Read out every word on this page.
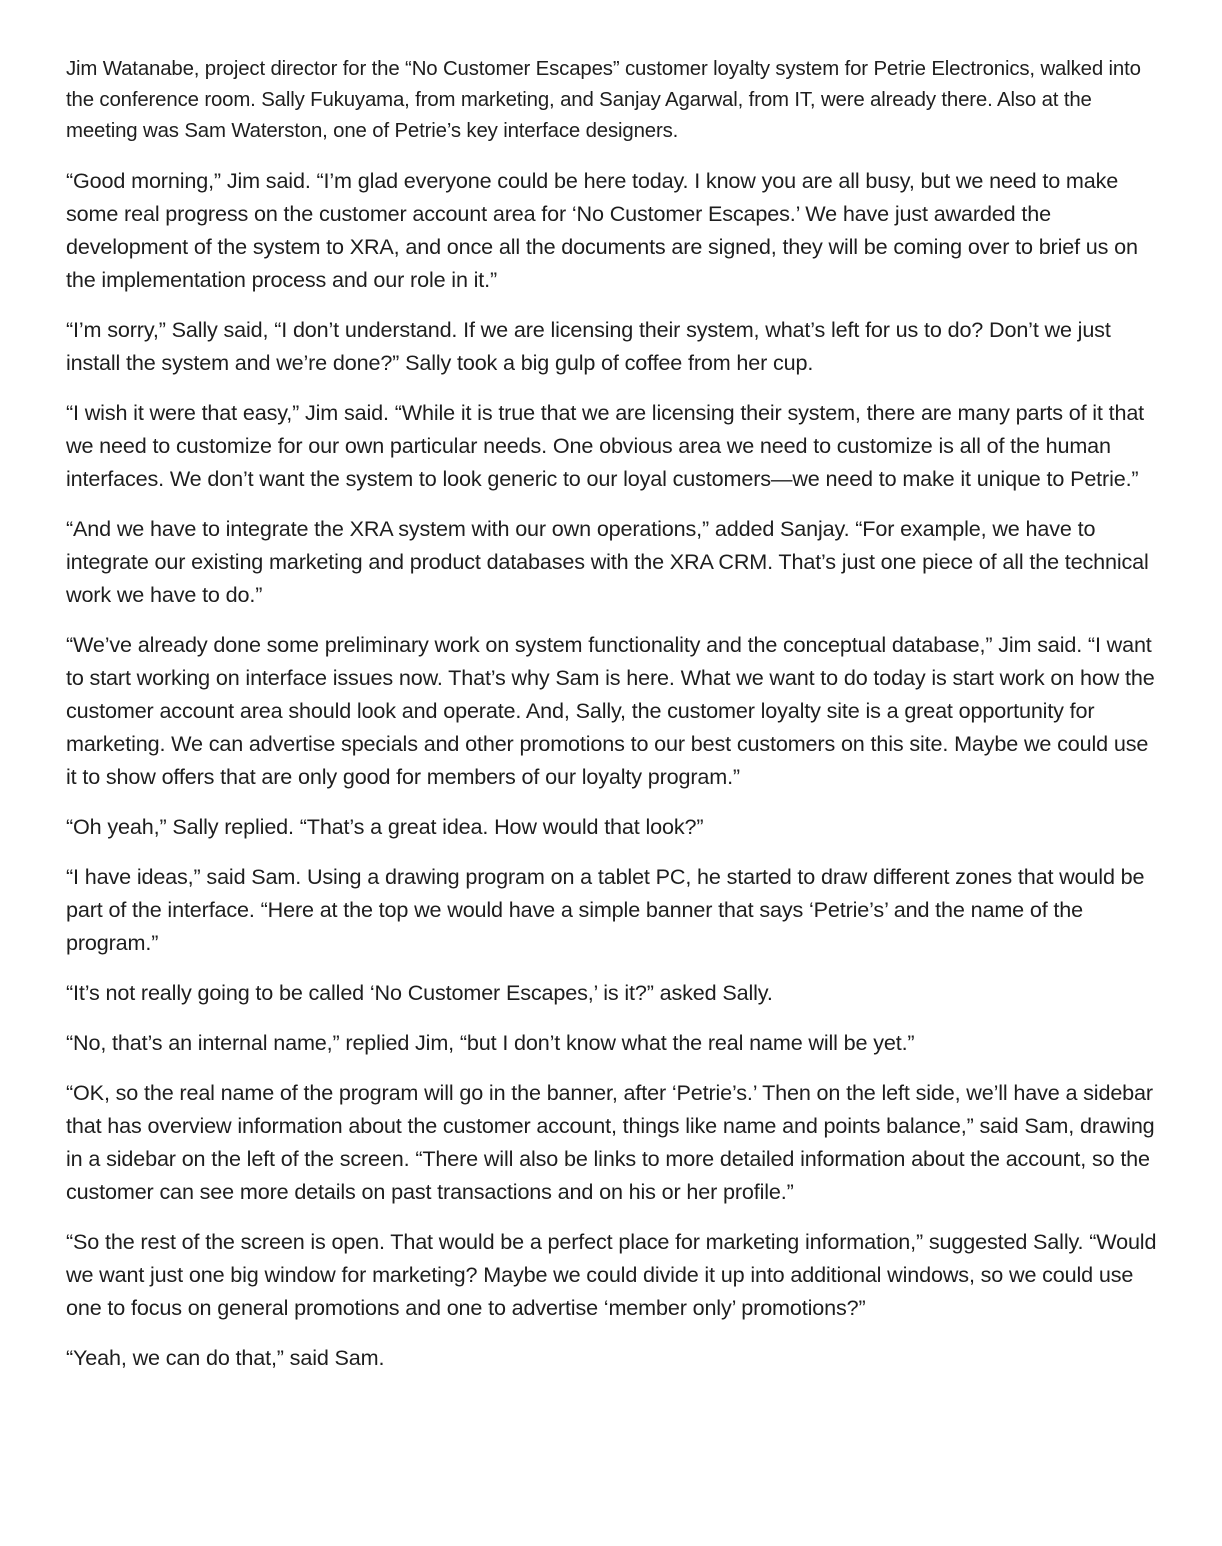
Jim Watanabe, project director for the “No Customer Escapes” customer loyalty system for Petrie Electronics, walked into the conference room. Sally Fukuyama, from marketing, and Sanjay Agarwal, from IT, were already there. Also at the meeting was Sam Waterston, one of Petrie’s key interface designers.

“Good morning,” Jim said. “I’m glad everyone could be here today. I know you are all busy, but we need to make some real progress on the customer account area for ‘No Customer Escapes.’ We have just awarded the development of the system to XRA, and once all the documents are signed, they will be coming over to brief us on the implementation process and our role in it.”

“I’m sorry,” Sally said, “I don’t understand. If we are licensing their system, what’s left for us to do? Don’t we just install the system and we’re done?” Sally took a big gulp of coffee from her cup.

“I wish it were that easy,” Jim said. “While it is true that we are licensing their system, there are many parts of it that we need to customize for our own particular needs. One obvious area we need to customize is all of the human interfaces. We don’t want the system to look generic to our loyal customers—we need to make it unique to Petrie.”

“And we have to integrate the XRA system with our own operations,” added Sanjay. “For example, we have to integrate our existing marketing and product databases with the XRA CRM. That’s just one piece of all the technical work we have to do.”

“We’ve already done some preliminary work on system functionality and the conceptual database,” Jim said. “I want to start working on interface issues now. That’s why Sam is here. What we want to do today is start work on how the customer account area should look and operate. And, Sally, the customer loyalty site is a great opportunity for marketing. We can advertise specials and other promotions to our best customers on this site. Maybe we could use it to show offers that are only good for members of our loyalty program.”

“Oh yeah,” Sally replied. “That’s a great idea. How would that look?”

“I have ideas,” said Sam. Using a drawing program on a tablet PC, he started to draw different zones that would be part of the interface. “Here at the top we would have a simple banner that says ‘Petrie’s’ and the name of the program.”

“It’s not really going to be called ‘No Customer Escapes,’ is it?” asked Sally.

“No, that’s an internal name,” replied Jim, “but I don’t know what the real name will be yet.”

“OK, so the real name of the program will go in the banner, after ‘Petrie’s.’ Then on the left side, we’ll have a sidebar that has overview information about the customer account, things like name and points balance,” said Sam, drawing in a sidebar on the left of the screen. “There will also be links to more detailed information about the account, so the customer can see more details on past transactions and on his or her profile.”

“So the rest of the screen is open. That would be a perfect place for marketing information,” suggested Sally. “Would we want just one big window for marketing? Maybe we could divide it up into additional windows, so we could use one to focus on general promotions and one to advertise ‘member only’ promotions?”

“Yeah, we can do that,” said Sam.
